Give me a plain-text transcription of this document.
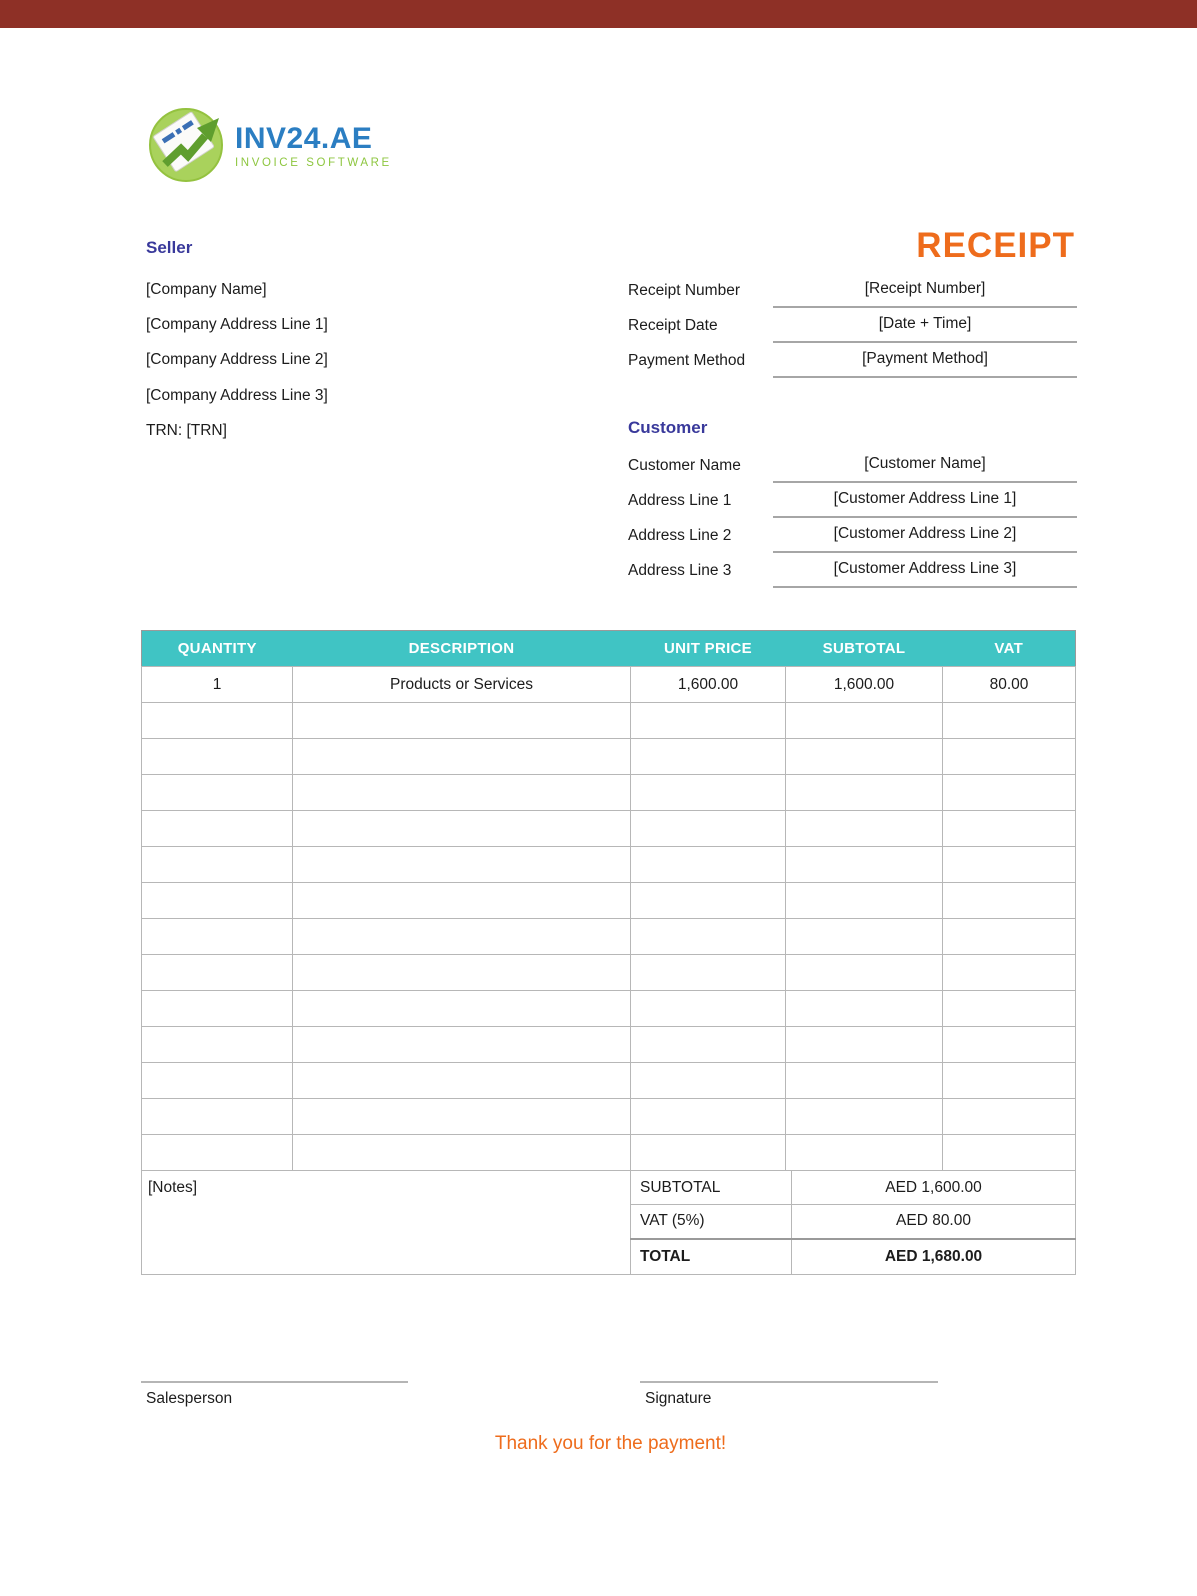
INV24.AE
INVOICE SOFTWARE
Seller
[Company Name]
[Company Address Line 1]
[Company Address Line 2]
[Company Address Line 3]
TRN: [TRN]
RECEIPT
Receipt Number	[Receipt Number]
Receipt Date	[Date + Time]
Payment Method	[Payment Method]
Customer
Customer Name	[Customer Name]
Address Line 1	[Customer Address Line 1]
Address Line 2	[Customer Address Line 2]
Address Line 3	[Customer Address Line 3]
QUANTITY	DESCRIPTION	UNIT PRICE	SUBTOTAL	VAT
1	Products or Services	1,600.00	1,600.00	80.00

[Notes]	SUBTOTAL	AED 1,600.00
	VAT (5%)	AED 80.00
	TOTAL	AED 1,680.00
Salesperson	Signature
Thank you for the payment!
